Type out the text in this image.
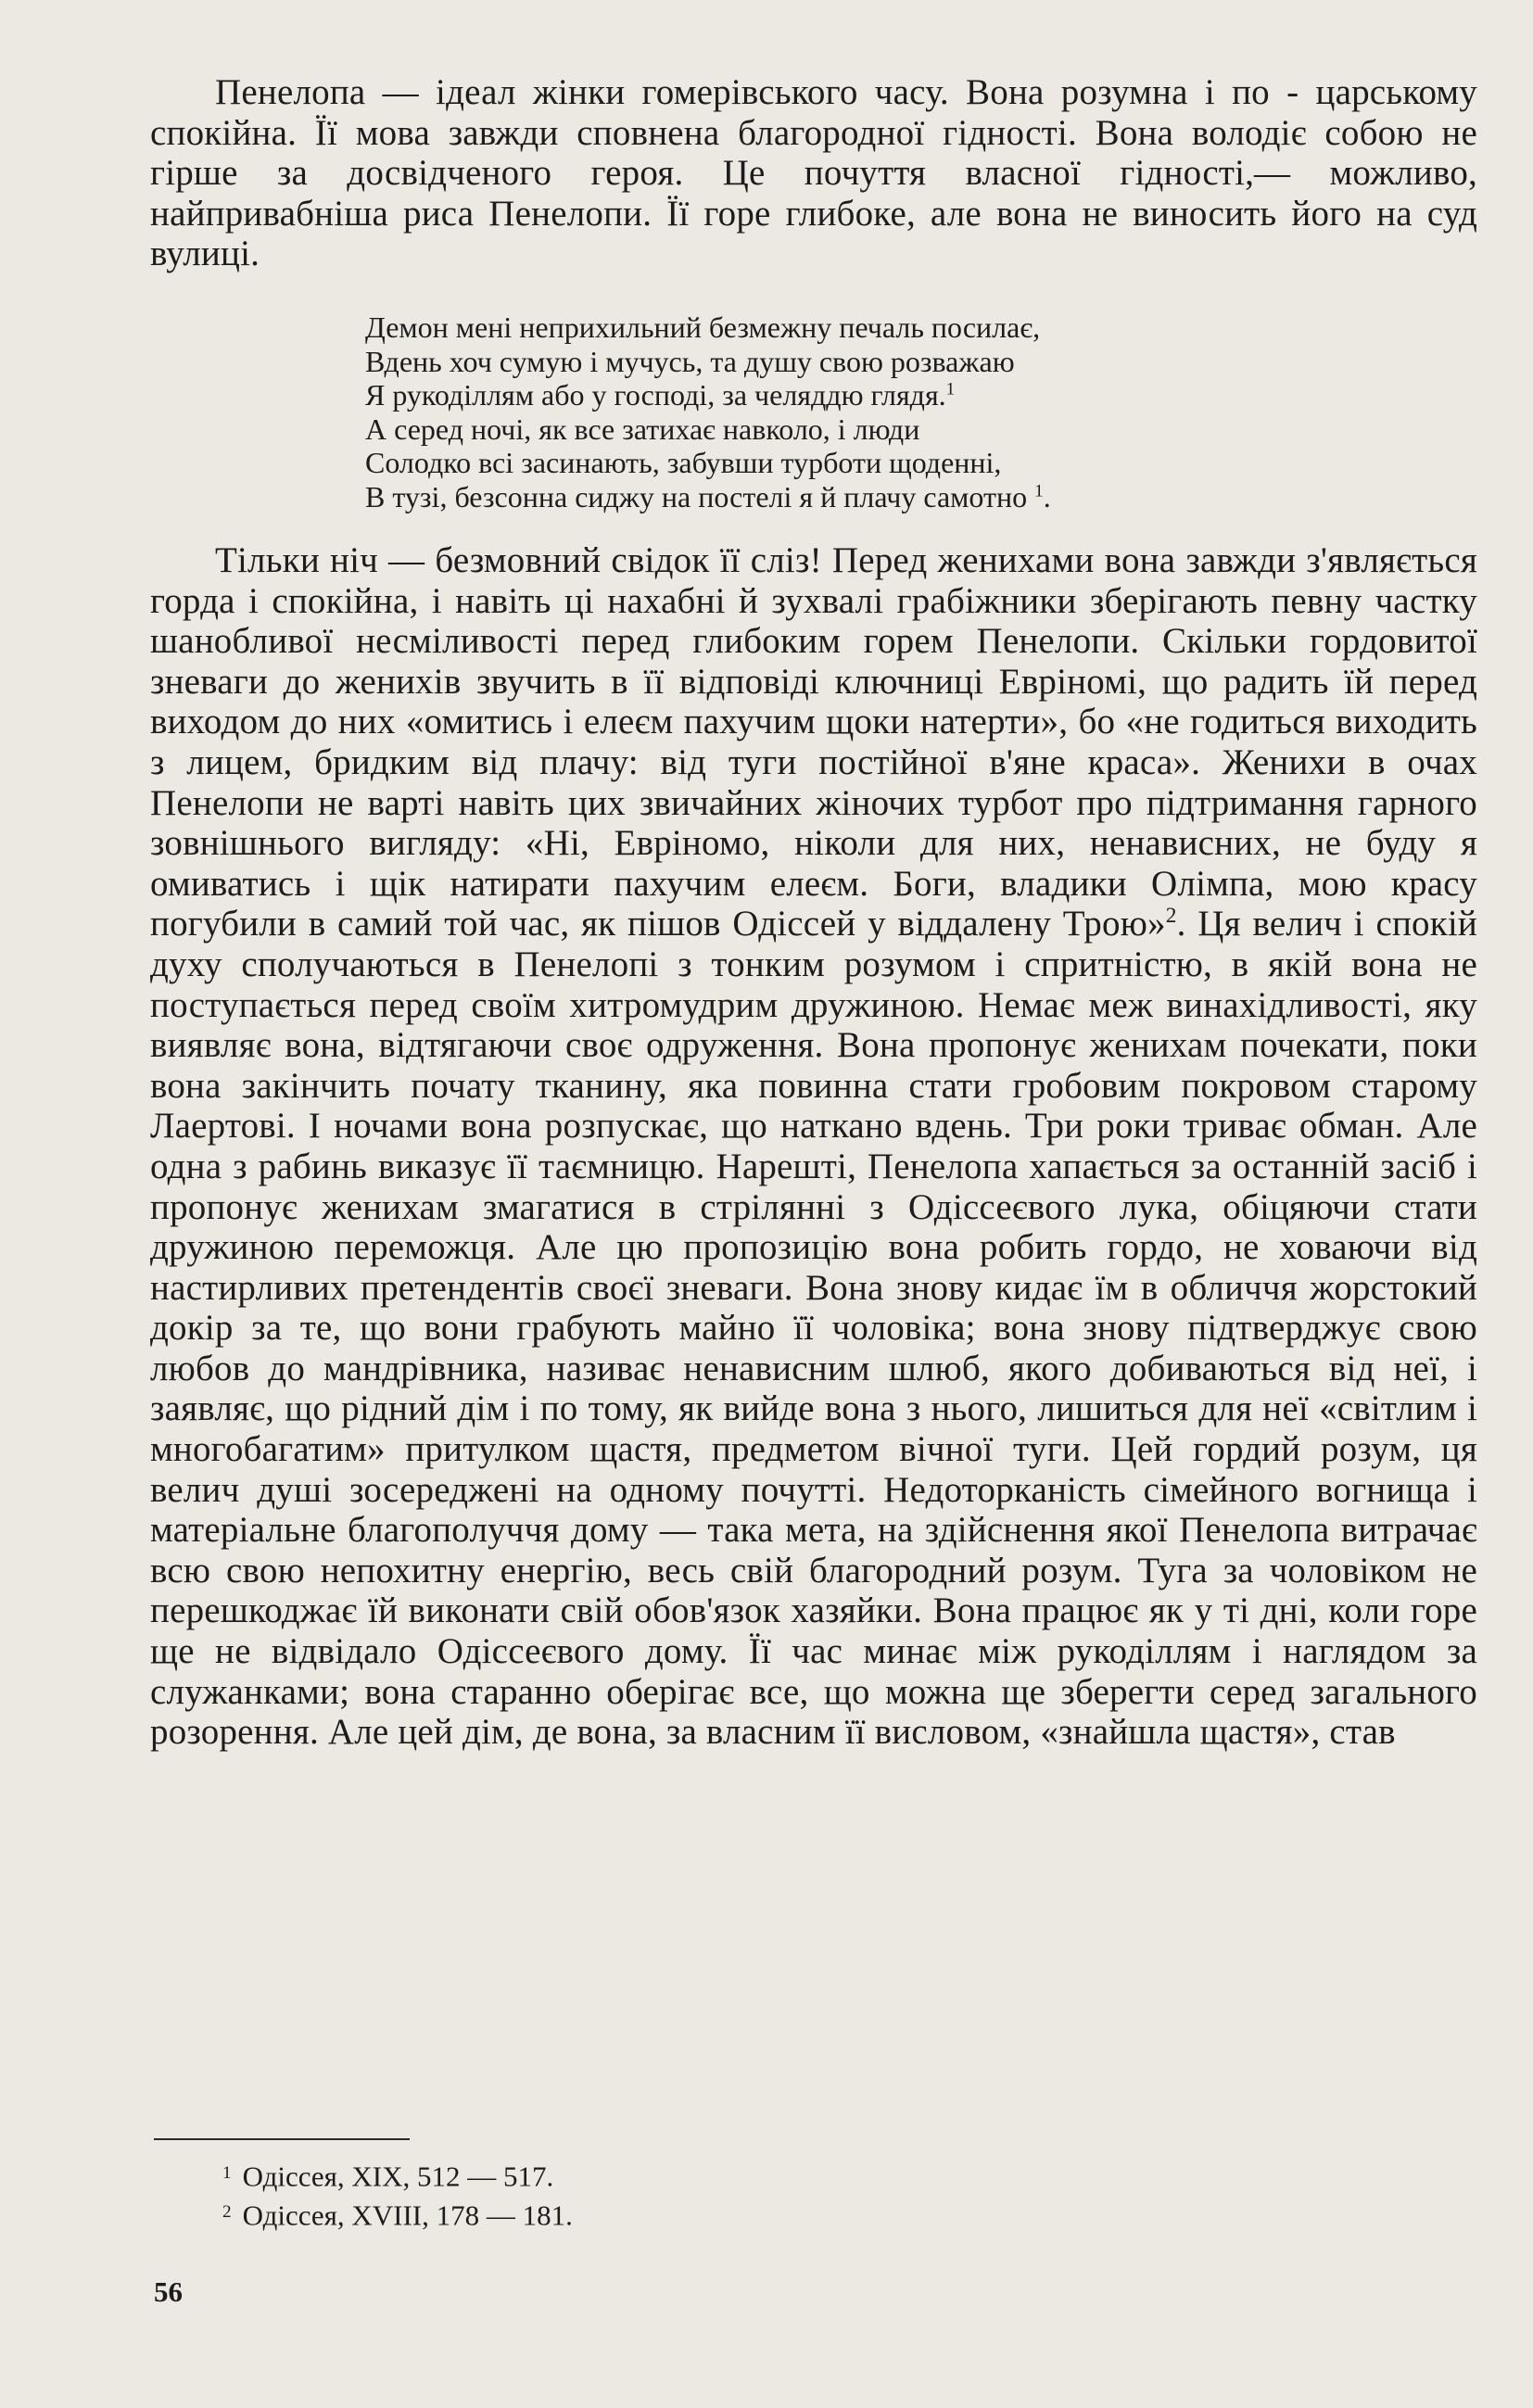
Пенелопа — ідеал жінки гомерівського часу. Вона розумна і по - царському спокійна. Її мова завжди сповнена благородної гідності. Вона володіє собою не гірше за досвідченого героя. Це почуття власної гідності,— можливо, найпривабніша риса Пенелопи. Її горе глибоке, але вона не виносить його на суд вулиці.

Демон мені неприхильний безмежну печаль посилає,
Вдень хоч сумую і мучусь, та душу свою розважаю
Я рукоділлям або у господі, за челяддю глядя.$^1$
А серед ночі, як все затихає навколо, і люди
Солодко всі засинають, забувши турботи щоденні,
В тузі, безсонна сиджу на постелі я й плачу самотно $^1$.

Тільки ніч — безмовний свідок її сліз! Перед женихами вона завжди з'являється горда і спокійна, і навіть ці нахабні й зухвалі грабіжники зберігають певну частку шанобливої несміливості перед глибоким горем Пенелопи. Скільки гордовитої зневаги до женихів звучить в її відповіді ключниці Евріномі, що радить їй перед виходом до них «омитись і елеєм пахучим щоки натерти», бо «не годиться виходить з лицем, бридким від плачу: від туги постійної в'яне краса». Женихи в очах Пенелопи не варті навіть цих звичайних жіночих турбот про підтримання гарного зовнішнього вигляду: «Ні, Евріномо, ніколи для них, ненависних, не буду я омиватись і щік натирати пахучим елеєм. Боги, владики Олімпа, мою красу погубили в самий той час, як пішов Одіссей у віддалену Трою»$^2$. Ця велич і спокій духу сполучаються в Пенелопі з тонким розумом і спритністю, в якій вона не поступається перед своїм хитромудрим дружиною. Немає меж винахідливості, яку виявляє вона, відтягаючи своє одруження. Вона пропонує женихам почекати, поки вона закінчить почату тканину, яка повинна стати гробовим покровом старому Лаертові. І ночами вона розпускає, що наткано вдень. Три роки триває обман. Але одна з рабинь виказує її таємницю. Нарешті, Пенелопа хапається за останній засіб і пропонує женихам змагатися в стрілянні з Одіссеєвого лука, обіцяючи стати дружиною переможця. Але цю пропозицію вона робить гордо, не ховаючи від настирливих претендентів своєї зневаги. Вона знову кидає їм в обличчя жорстокий докір за те, що вони грабують майно її чоловіка; вона знову підтверджує свою любов до мандрівника, називає ненависним шлюб, якого добиваються від неї, і заявляє, що рідний дім і по тому, як вийде вона з нього, лишиться для неї «світлим і многобагатим» притулком щастя, предметом вічної туги. Цей гордий розум, ця велич душі зосереджені на одному почутті. Недоторканість сімейного вогнища і матеріальне благополуччя дому — така мета, на здійснення якої Пенелопа витрачає всю свою непохитну енергію, весь свій благородний розум. Туга за чоловіком не перешкоджає їй виконати свій обов'язок хазяйки. Вона працює як у ті дні, коли горе ще не відвідало Одіссеєвого дому. Її час минає між рукоділлям і наглядом за служанками; вона старанно оберігає все, що можна ще зберегти серед загального розорення. Але цей дім, де вона, за власним її висловом, «знайшла щастя», став

$^1$ Одіссея, XIX, 512 — 517.
$^2$ Одіссея, XVIII, 178 — 181.
56
